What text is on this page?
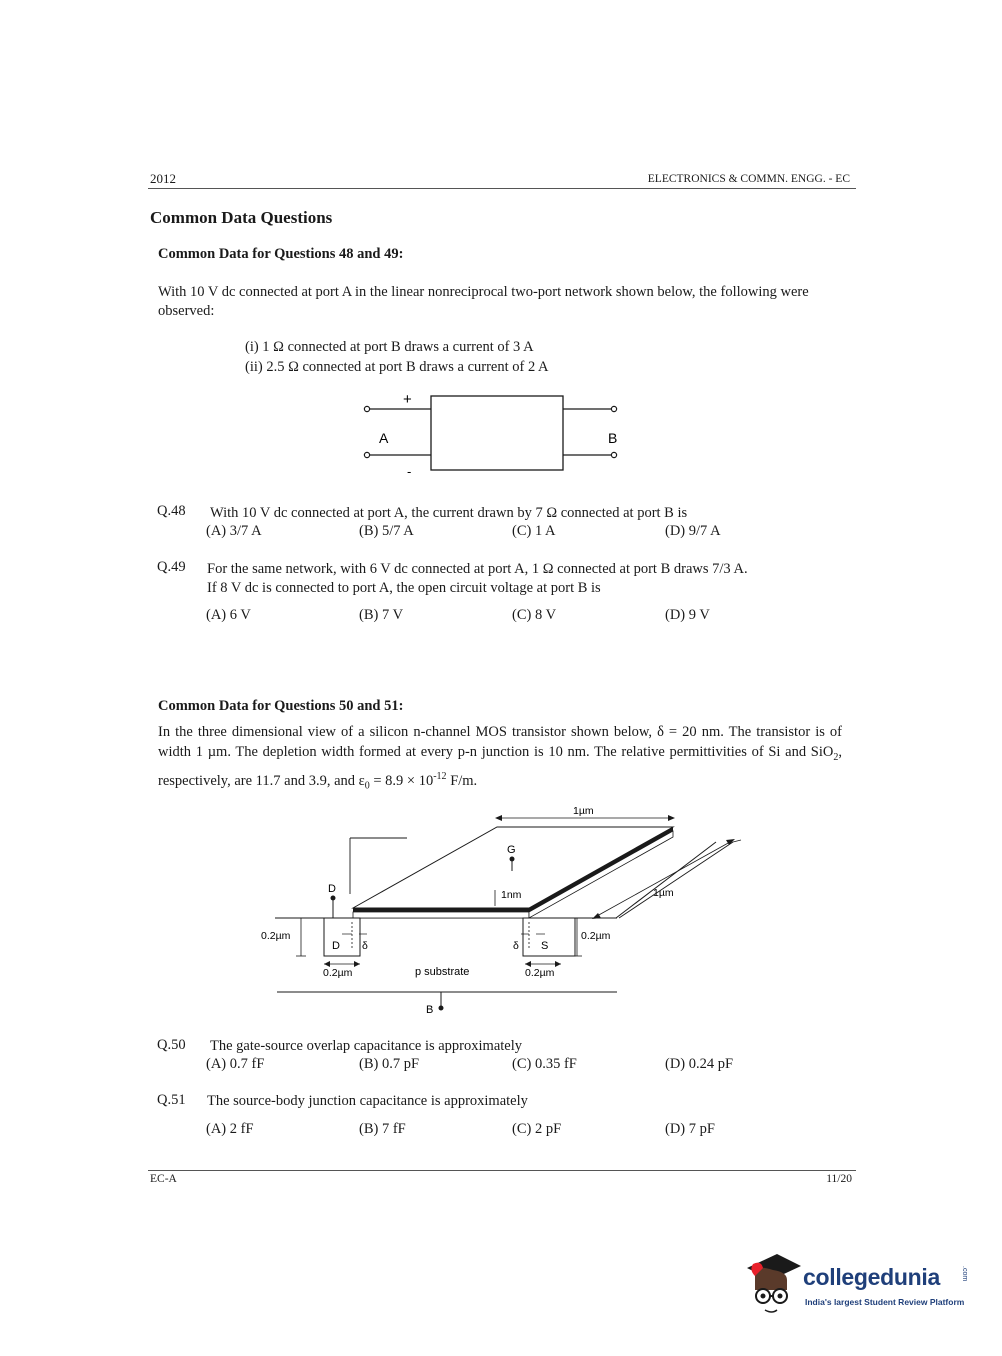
2012	ELECTRONICS & COMMN. ENGG. - EC
Common Data Questions
Common Data for Questions 48 and 49:
With 10 V dc connected at port A in the linear nonreciprocal two-port network shown below, the following were observed:
(i) 1 Ω connected at port B draws a current of 3 A
(ii) 2.5 Ω connected at port B draws a current of 2 A
+
-
A	B
Q.48 With 10 V dc connected at port A, the current drawn by 7 Ω connected at port B is
(A) 3/7 A	(B) 5/7 A	(C) 1 A	(D) 9/7 A
Q.49 For the same network, with 6 V dc connected at port A, 1 Ω connected at port B draws 7/3 A.
If 8 V dc is connected to port A, the open circuit voltage at port B is
(A) 6 V	(B) 7 V	(C) 8 V	(D) 9 V
Common Data for Questions 50 and 51:
In the three dimensional view of a silicon n-channel MOS transistor shown below, δ = 20 nm. The transistor is of width 1 µm. The depletion width formed at every p-n junction is 10 nm. The relative permittivities of Si and SiO$_2$, respectively, are 11.7 and 3.9, and $\varepsilon_0 = 8.9 \times 10^{-12}$ F/m.
D
G
1nm
1µm
1µm
0.2µm	0.2µm
D δ	S
δ
0.2µm	0.2µm
p substrate
B
Q.50 The gate-source overlap capacitance is approximately
(A) 0.7 fF	(B) 0.7 pF	(C) 0.35 fF	(D) 0.24 pF
Q.51 The source-body junction capacitance is approximately
(A) 2 fF	(B) 7 fF	(C) 2 pF	(D) 7 pF
EC-A	11/20
collegedunia	.com
India's largest Student Review Platform
